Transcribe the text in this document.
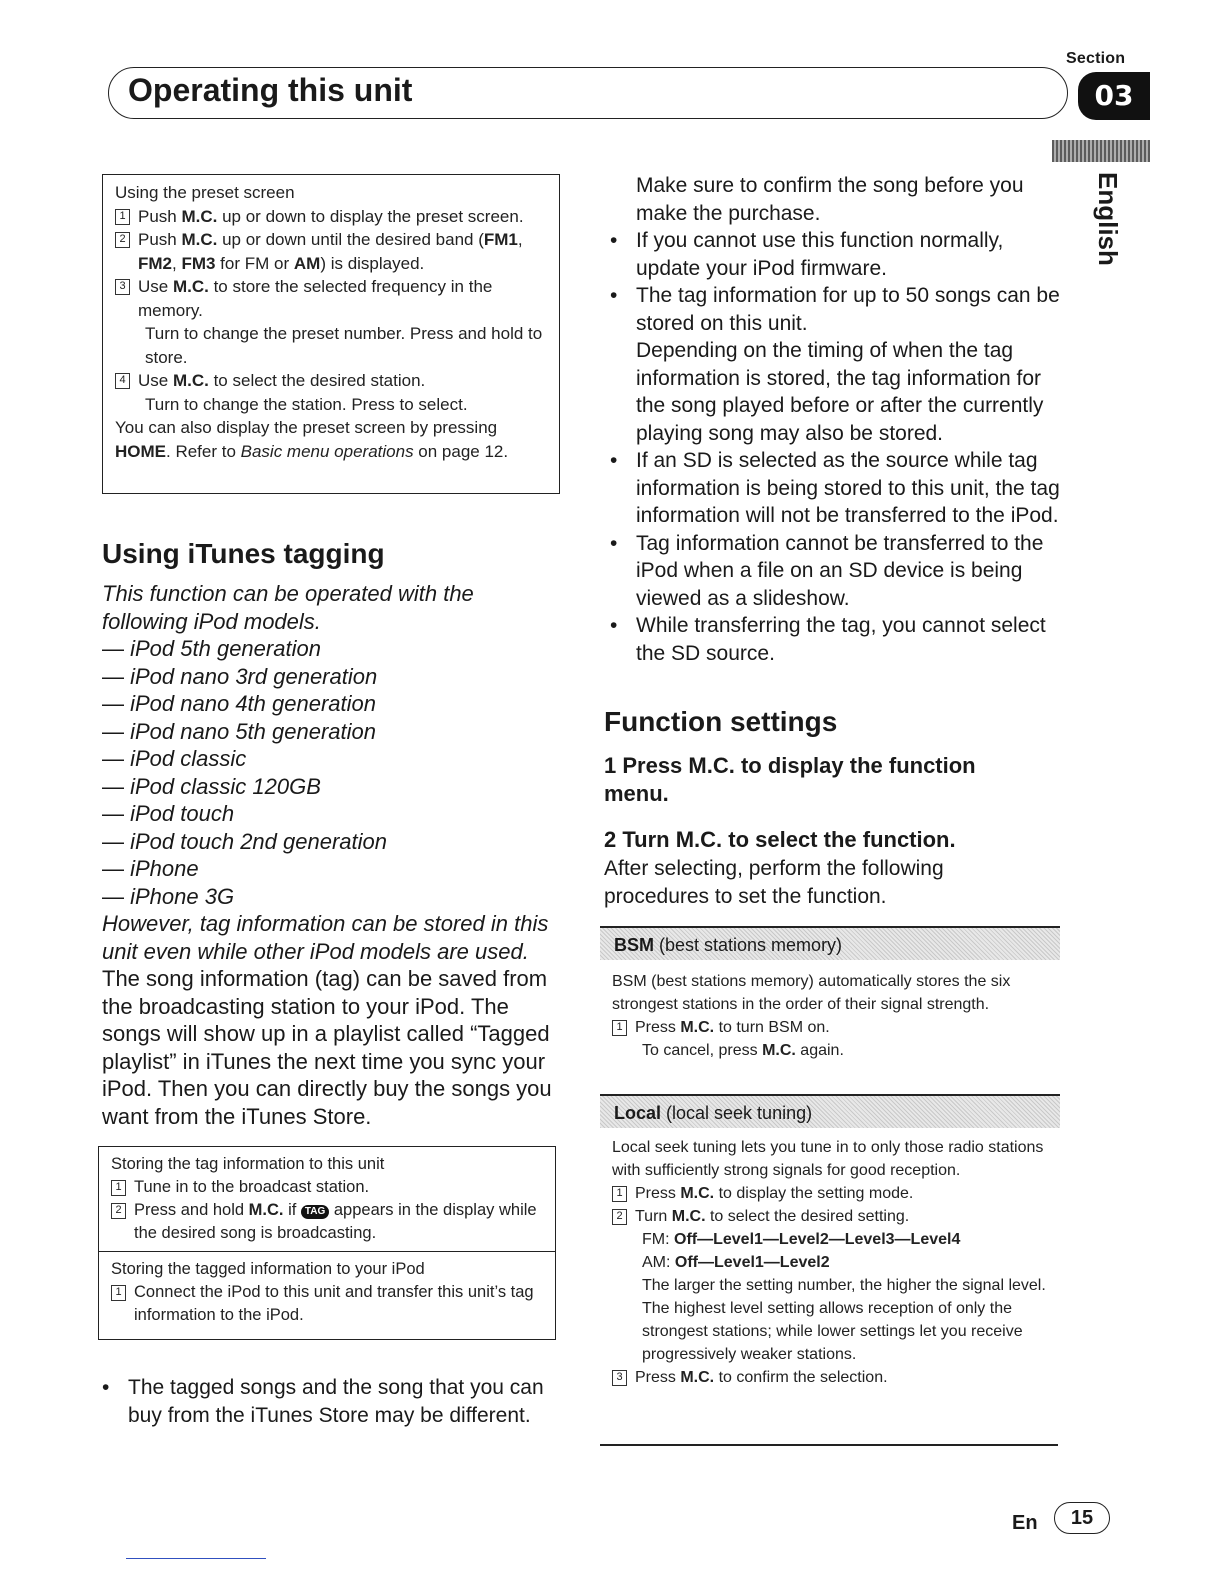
Section
Operating this unit	03
English
Using the preset screen
1 Push M.C. up or down to display the preset screen.
2 Push M.C. up or down until the desired band (FM1, FM2, FM3 for FM or AM) is displayed.
3 Use M.C. to store the selected frequency in the memory.
Turn to change the preset number. Press and hold to store.
4 Use M.C. to select the desired station.
Turn to change the station. Press to select.
You can also display the preset screen by pressing HOME. Refer to Basic menu operations on page 12.
Using iTunes tagging
This function can be operated with the following iPod models.
— iPod 5th generation
— iPod nano 3rd generation
— iPod nano 4th generation
— iPod nano 5th generation
— iPod classic
— iPod classic 120GB
— iPod touch
— iPod touch 2nd generation
— iPhone
— iPhone 3G
However, tag information can be stored in this unit even while other iPod models are used.
The song information (tag) can be saved from the broadcasting station to your iPod. The songs will show up in a playlist called “Tagged playlist” in iTunes the next time you sync your iPod. Then you can directly buy the songs you want from the iTunes Store.
Storing the tag information to this unit
1 Tune in to the broadcast station.
2 Press and hold M.C. if TAG appears in the display while the desired song is broadcasting.
Storing the tagged information to your iPod
1 Connect the iPod to this unit and transfer this unit’s tag information to the iPod.
• The tagged songs and the song that you can buy from the iTunes Store may be different.
Make sure to confirm the song before you make the purchase.
• If you cannot use this function normally, update your iPod firmware.
• The tag information for up to 50 songs can be stored on this unit.
Depending on the timing of when the tag information is stored, the tag information for the song played before or after the currently playing song may also be stored.
• If an SD is selected as the source while tag information is being stored to this unit, the tag information will not be transferred to the iPod.
• Tag information cannot be transferred to the iPod when a file on an SD device is being viewed as a slideshow.
• While transferring the tag, you cannot select the SD source.
Function settings
1 Press M.C. to display the function menu.
2 Turn M.C. to select the function.
After selecting, perform the following procedures to set the function.
BSM (best stations memory)
BSM (best stations memory) automatically stores the six strongest stations in the order of their signal strength.
1 Press M.C. to turn BSM on.
To cancel, press M.C. again.
Local (local seek tuning)
Local seek tuning lets you tune in to only those radio stations with sufficiently strong signals for good reception.
1 Press M.C. to display the setting mode.
2 Turn M.C. to select the desired setting.
FM: Off—Level1—Level2—Level3—Level4
AM: Off—Level1—Level2
The larger the setting number, the higher the signal level. The highest level setting allows reception of only the strongest stations; while lower settings let you receive progressively weaker stations.
3 Press M.C. to confirm the selection.
En	15
